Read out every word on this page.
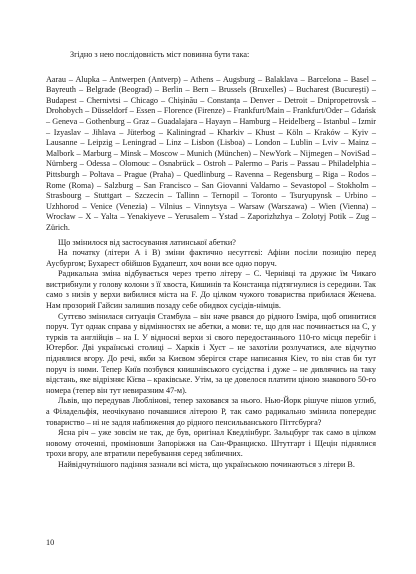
Згідно з нею послідовність міст повинна бути така:

Aarau – Alupka – Antwerpen (Antverp) – Athens – Augsburg – Balaklava – Barcelona – Basel – Bayreuth – Belgrade (Beograd) – Berlin – Bern – Brussels (Bruxelles) – Bucharest (București) – Budapest – Chernivtsi – Chicago – Chișinău – Constanța – Denver – Detroit – Dnipropetrovsk – Drohobych – Düsseldorf – Essen – Florence (Firenze) – Frankfurt/Main – Frankfurt/Oder – Gdańsk – Geneva – Gothenburg – Graz – Guadalajara – Hayayn – Hamburg – Heidelberg – Istanbul – Izmir – Izyaslav – Jihlava – Jüterbog – Kaliningrad – Kharkiv – Khust – Köln – Kraków – Kyiv – Lausanne – Leipzig – Leningrad – Linz – Lisbon (Lisboa) – London – Lublin – Lviv – Mainz – Malbork – Marburg – Minsk – Moscow – Munich (München) – NewYork – Nijmegen – NoviSad – Nürnberg – Odessa – Olomouc – Osnabrück – Ostroh – Palermo – Paris – Passau – Philadelphia – Pittsburgh – Poltava – Prague (Praha) – Quedlinburg – Ravenna – Regensburg – Riga – Rodos – Rome (Roma) – Salzburg – San Francisco – San Giovanni Valdarno – Sevastopol – Stokholm – Strasbourg – Stuttgart – Szczecin – Tallinn – Ternopil – Toronto – Tsuryupynsk – Urbino – Uzhhorod – Venice (Venezia) – Vilnius – Vinnytsya – Warsaw (Warszawa) – Wien (Vienna) – Wrocław – X – Yalta – Yenakiyeve – Yerusalem – Ystad – Zaporizhzhya – Zolotyj Potik – Zug – Zürich.

Що змінилося від застосування латинської абетки?

На початку (літери A і B) зміни фактично несуттєві: Афіни посіли позицію перед Аусбургом; Бухарест обійшов Будапешт, хоч вони все одно поруч.

Радикальна зміна відбувається через третю літеру – С. Чернівці та дружнє їм Чикаго вистрибнули у голову колони з її хвоста, Кишинів та Констанца підтягнулися із середини. Так само з низів у верхи вибилися міста на F. До цілком чужого товариства прибилася Женева. Нам прозорий Гайсин залишив позаду себе обидвох сусідів-німців.

Суттєво змінилася ситуація Стамбула – він наче рвався до рідного Ізміра, щоб опинитися поруч. Тут однак справа у відмінностях не абетки, а мови: те, що для нас починається на С, у турків та англійців – на І. У відносні верхи зі свого передостаннього 110-го місця перебіг і Ютербог. Дві українські столиці – Харків і Хуст – не захотіли розлучатися, але відчутно піднялися вгору. До речі, якби за Києвом зберігся старе написання Kiev, то він став би тут поруч із ними. Тепер Київ позбувся книшнівського сусідства і дуже – не дивлячись на таку відстань, яке відрізняє Кїєва – краківське. Утім, за це довелося платити ціною знакового 50-го номера (тепер він тут невиразним 47-м).

Львів, що передував Люблінові, тепер заховався за нього. Нью-Йорк рішуче пішов углиб, а Філадельфія, неочікувано почавшися літерою Р, так само радикально змінила попереднє товариство – ні не задля наближення до рідного пенсильванського Піттсбурга?

Ясна річ – уже зовсім не так, де був, оригінал Кведлінбург. Зальцбург так само в цілком новому оточенні, проміновши Запоріжжя на Сан-Франциско. Штутгарт і Щецін піднялися трохи вгору, але втратили перебування серед зябличних.

Найвідчутнішого падіння зазнали всі міста, що українською починаються з літери В.

10
